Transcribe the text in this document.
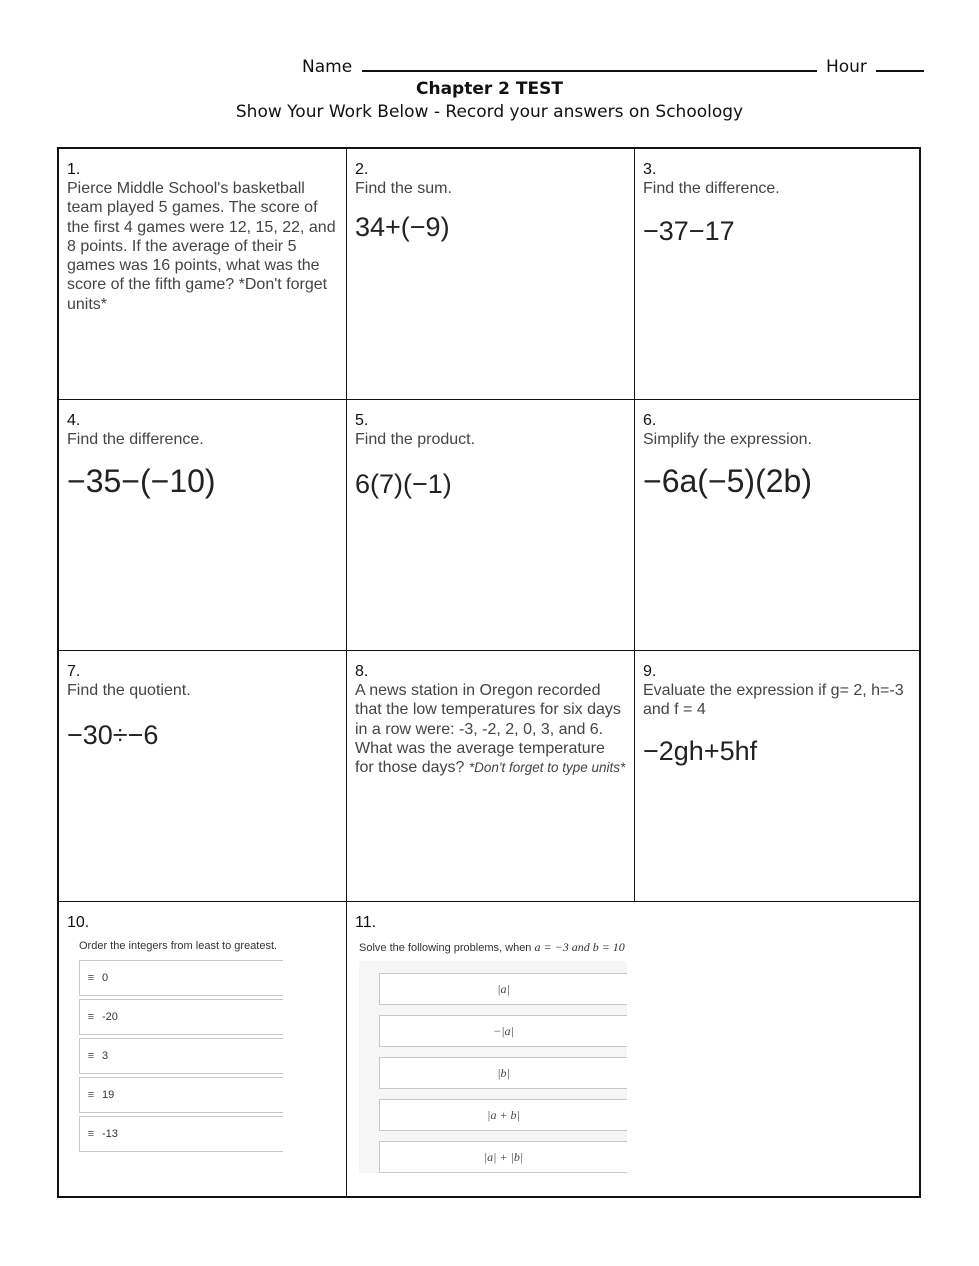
Name	Hour
Chapter 2 TEST
Show Your Work Below - Record your answers on Schoology
1.
Pierce Middle School's basketball team played 5 games. The score of the first 4 games were 12, 15, 22, and 8 points. If the average of their 5 games was 16 points, what was the score of the fifth game? *Don't forget units*
2.
Find the sum.
34+(−9)
3.
Find the difference.
−37−17
4.
Find the difference.
−35−(−10)
5.
Find the product.
6(7)(−1)
6.
Simplify the expression.
−6a(−5)(2b)
7.
Find the quotient.
−30÷−6
8.
A news station in Oregon recorded that the low temperatures for six days in a row were: -3, -2, 2, 0, 3, and 6. What was the average temperature for those days? *Don't forget to type units*
9.
Evaluate the expression if g= 2, h=-3 and f = 4
−2gh+5hf
10.
Order the integers from least to greatest.
≡ 0
≡ -20
≡ 3
≡ 19
≡ -13
11.
Solve the following problems, when a = −3 and b = 10
|a|
−|a|
|b|
|a + b|
|a| + |b|
